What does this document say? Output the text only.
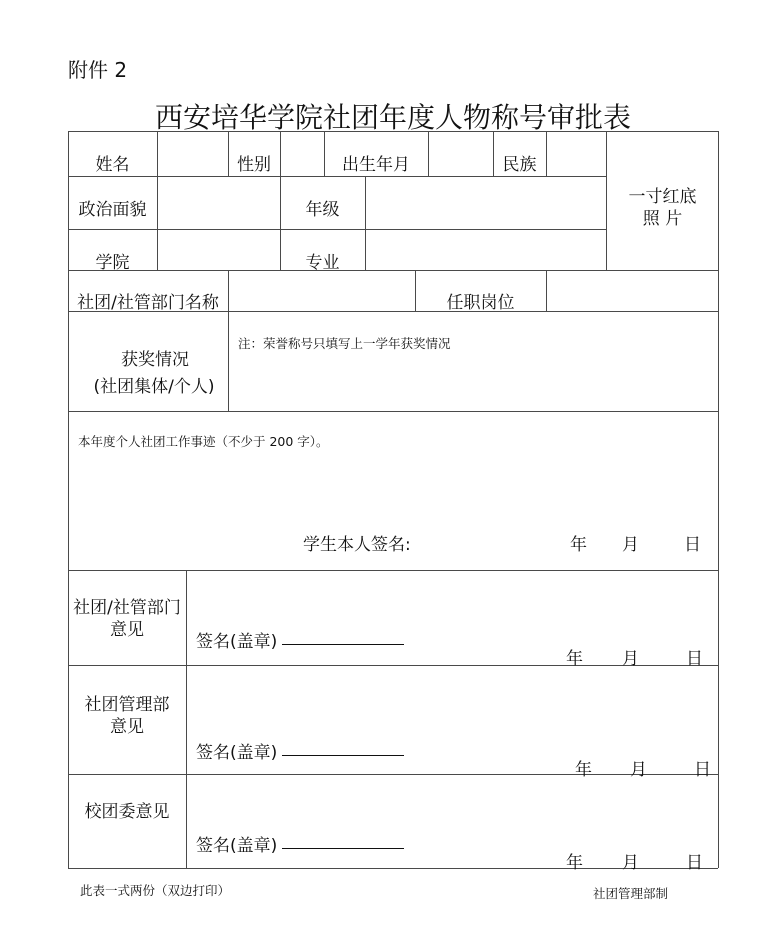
附件 2
西安培华学院社团年度人物称号审批表
姓名	性别	出生年月	民族
一寸红底
照 片
政治面貌	年级
学院	专业
社团/社管部门名称	任职岗位
获奖情况
(社团集体/个人)
注：荣誉称号只填写上一学年获奖情况
本年度个人社团工作事迹（不少于 200 字）。
学生本人签名:	年 月	日
社团/社管部门
意见
签名(盖章)
年 月	日
社团管理部
意见
签名(盖章)
年 月	日
校团委意见
签名(盖章)
年 月	日
此表一式两份（双边打印）	社团管理部制
